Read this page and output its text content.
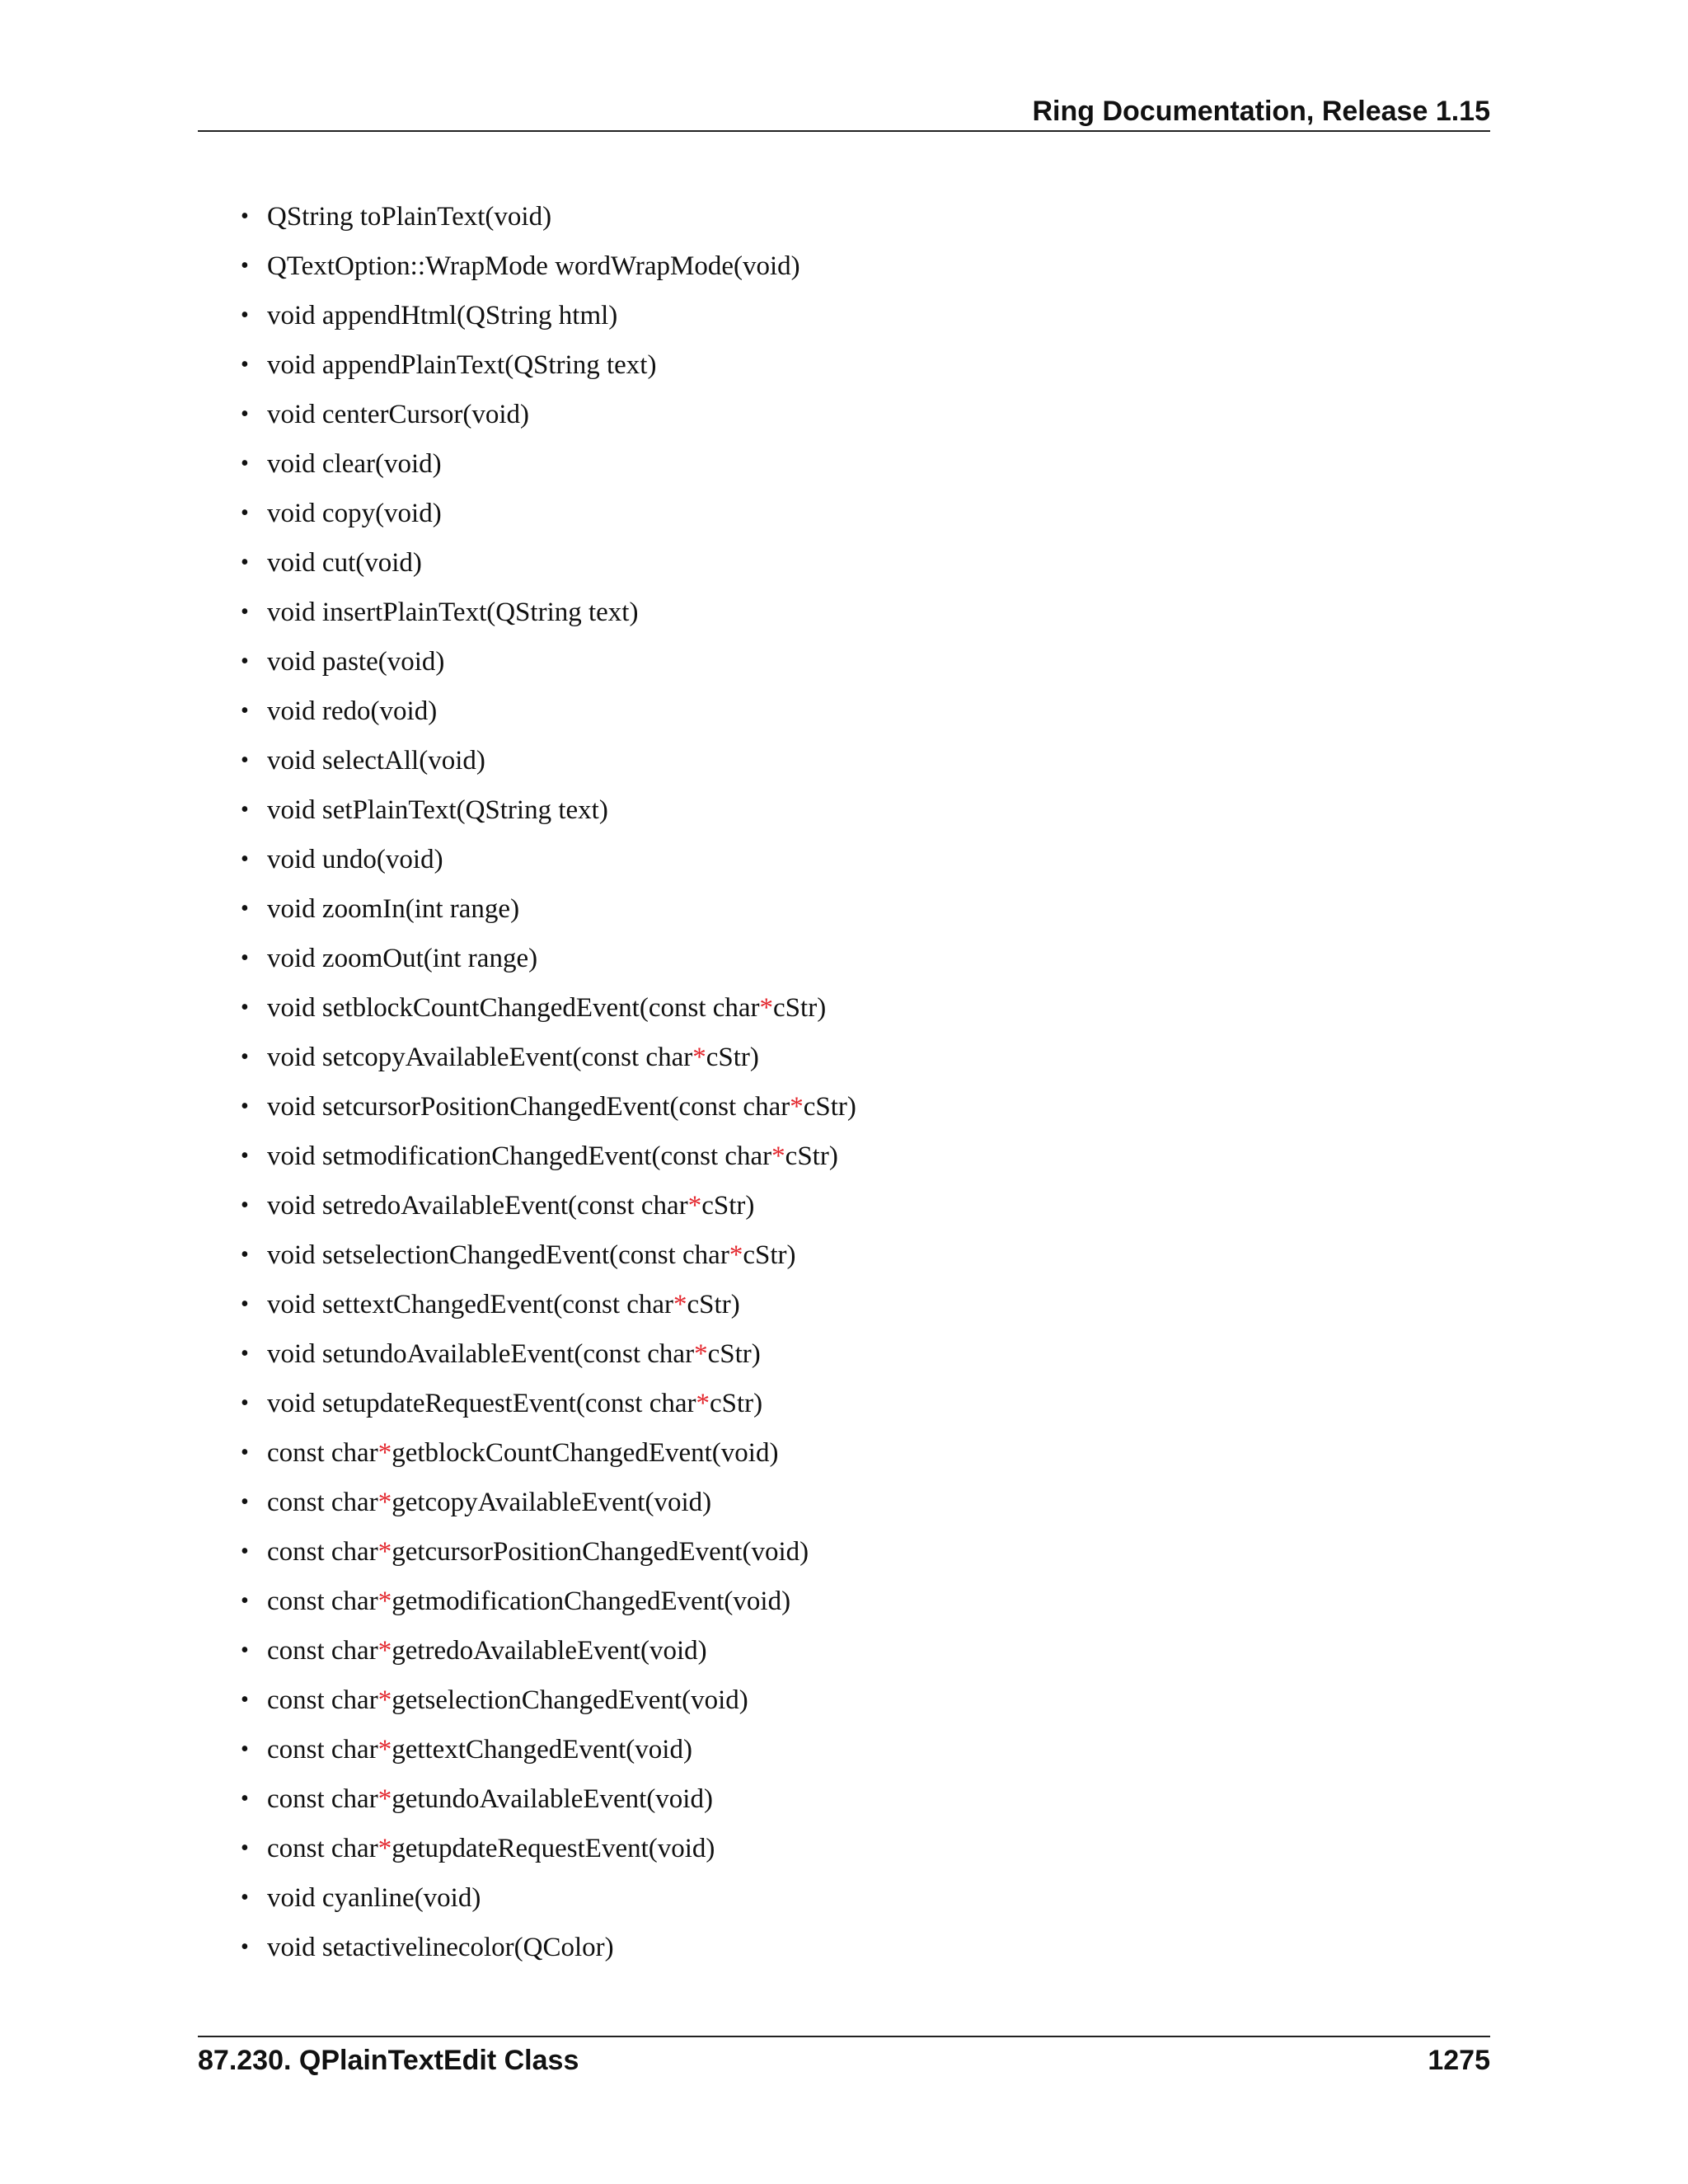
Ring Documentation, Release 1.15
• QString toPlainText(void)
• QTextOption::WrapMode wordWrapMode(void)
• void appendHtml(QString html)
• void appendPlainText(QString text)
• void centerCursor(void)
• void clear(void)
• void copy(void)
• void cut(void)
• void insertPlainText(QString text)
• void paste(void)
• void redo(void)
• void selectAll(void)
• void setPlainText(QString text)
• void undo(void)
• void zoomIn(int range)
• void zoomOut(int range)
• void setblockCountChangedEvent(const char * cStr)
• void setcopyAvailableEvent(const char * cStr)
• void setcursorPositionChangedEvent(const char * cStr)
• void setmodificationChangedEvent(const char * cStr)
• void setredoAvailableEvent(const char * cStr)
• void setselectionChangedEvent(const char * cStr)
• void settextChangedEvent(const char * cStr)
• void setundoAvailableEvent(const char * cStr)
• void setupdateRequestEvent(const char * cStr)
• const char * getblockCountChangedEvent(void)
• const char * getcopyAvailableEvent(void)
• const char * getcursorPositionChangedEvent(void)
• const char * getmodificationChangedEvent(void)
• const char * getredoAvailableEvent(void)
• const char * getselectionChangedEvent(void)
• const char * gettextChangedEvent(void)
• const char * getundoAvailableEvent(void)
• const char * getupdateRequestEvent(void)
• void cyanline(void)
• void setactivelinecolor(QColor)
87.230. QPlainTextEdit Class	1275
